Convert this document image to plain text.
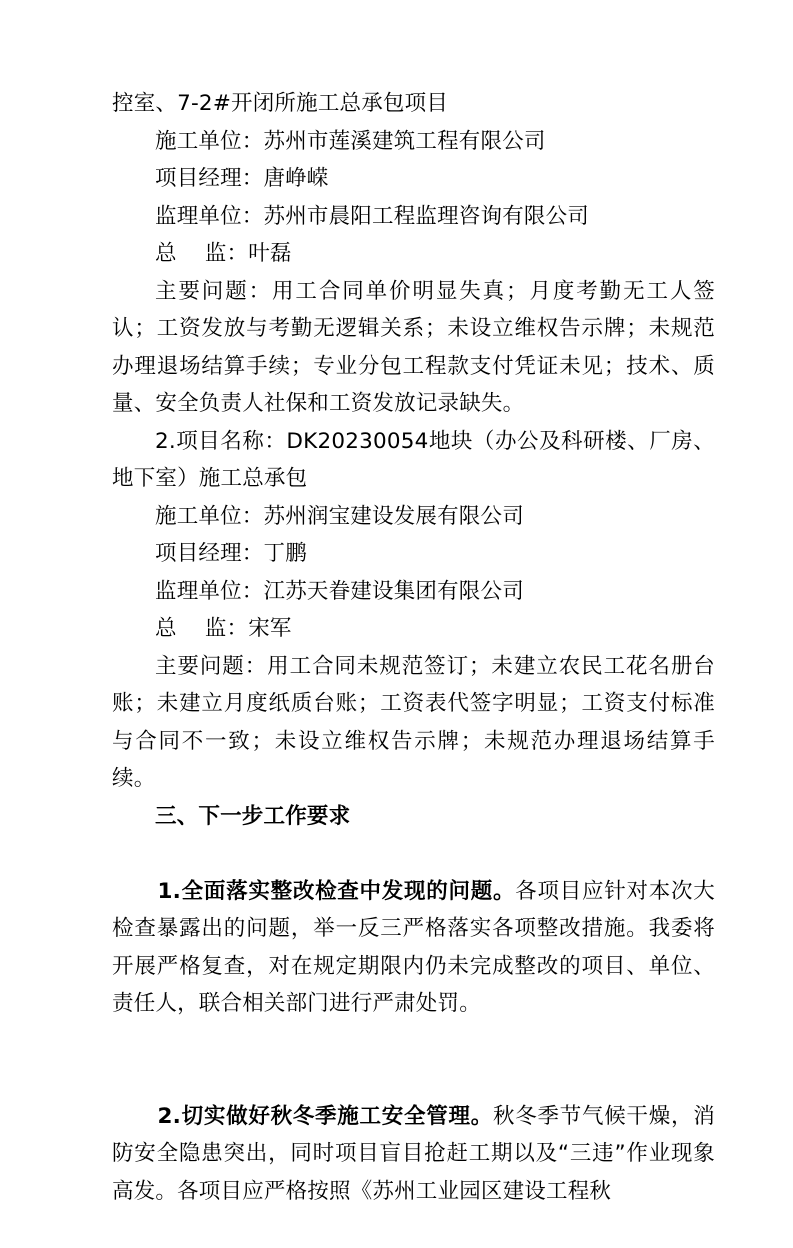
控室、7-2#开闭所施工总承包项目

施工单位：苏州市莲溪建筑工程有限公司

项目经理：唐峥嵘

监理单位：苏州市晨阳工程监理咨询有限公司

总    监：叶磊

主要问题：用工合同单价明显失真；月度考勤无工人签认；工资发放与考勤无逻辑关系；未设立维权告示牌；未规范办理退场结算手续；专业分包工程款支付凭证未见；技术、质量、安全负责人社保和工资发放记录缺失。

2.项目名称：DK20230054地块（办公及科研楼、厂房、地下室）施工总承包

施工单位：苏州润宝建设发展有限公司

项目经理：丁鹏

监理单位：江苏天眷建设集团有限公司

总    监：宋军

主要问题：用工合同未规范签订；未建立农民工花名册台账；未建立月度纸质台账；工资表代签字明显；工资支付标准与合同不一致；未设立维权告示牌；未规范办理退场结算手续。

三、下一步工作要求

1.全面落实整改检查中发现的问题。各项目应针对本次大检查暴露出的问题，举一反三严格落实各项整改措施。我委将开展严格复查，对在规定期限内仍未完成整改的项目、单位、责任人，联合相关部门进行严肃处罚。

2.切实做好秋冬季施工安全管理。秋冬季节气候干燥，消防安全隐患突出，同时项目盲目抢赶工期以及“三违”作业现象高发。各项目应严格按照《苏州工业园区建设工程秋
